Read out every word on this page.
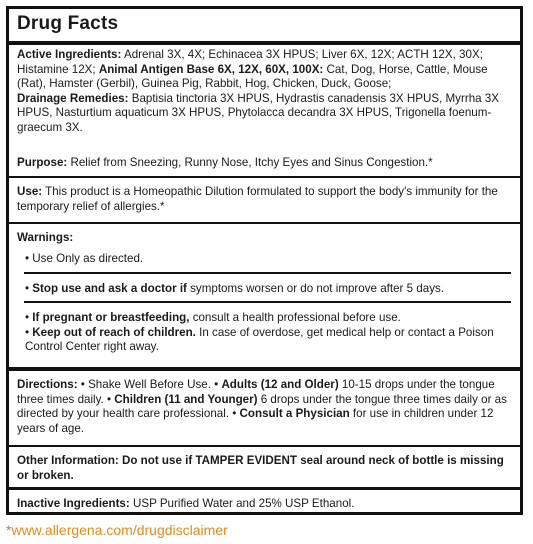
Drug Facts
Active Ingredients: Adrenal 3X, 4X; Echinacea 3X HPUS; Liver 6X, 12X; ACTH 12X, 30X; Histamine 12X; Animal Antigen Base 6X, 12X, 60X, 100X: Cat, Dog, Horse, Cattle, Mouse (Rat), Hamster (Gerbil), Guinea Pig, Rabbit, Hog, Chicken, Duck, Goose;
Drainage Remedies: Baptisia tinctoria 3X HPUS, Hydrastis canadensis 3X HPUS, Myrrha 3X HPUS, Nasturtium aquaticum 3X HPUS, Phytolacca decandra 3X HPUS, Trigonella foenum-graecum 3X.
Purpose: Relief from Sneezing, Runny Nose, Itchy Eyes and Sinus Congestion.*
Use: This product is a Homeopathic Dilution formulated to support the body's immunity for the temporary relief of allergies.*
Warnings:
• Use Only as directed.
• Stop use and ask a doctor if symptoms worsen or do not improve after 5 days.
• If pregnant or breastfeeding, consult a health professional before use.
• Keep out of reach of children. In case of overdose, get medical help or contact a Poison Control Center right away.
Directions: • Shake Well Before Use. • Adults (12 and Older) 10-15 drops under the tongue three times daily. • Children (11 and Younger) 6 drops under the tongue three times daily or as directed by your health care professional. • Consult a Physician for use in children under 12 years of age.
Other Information: Do not use if TAMPER EVIDENT seal around neck of bottle is missing or broken.
Inactive Ingredients: USP Purified Water and 25% USP Ethanol.
*www.allergena.com/drugdisclaimer
